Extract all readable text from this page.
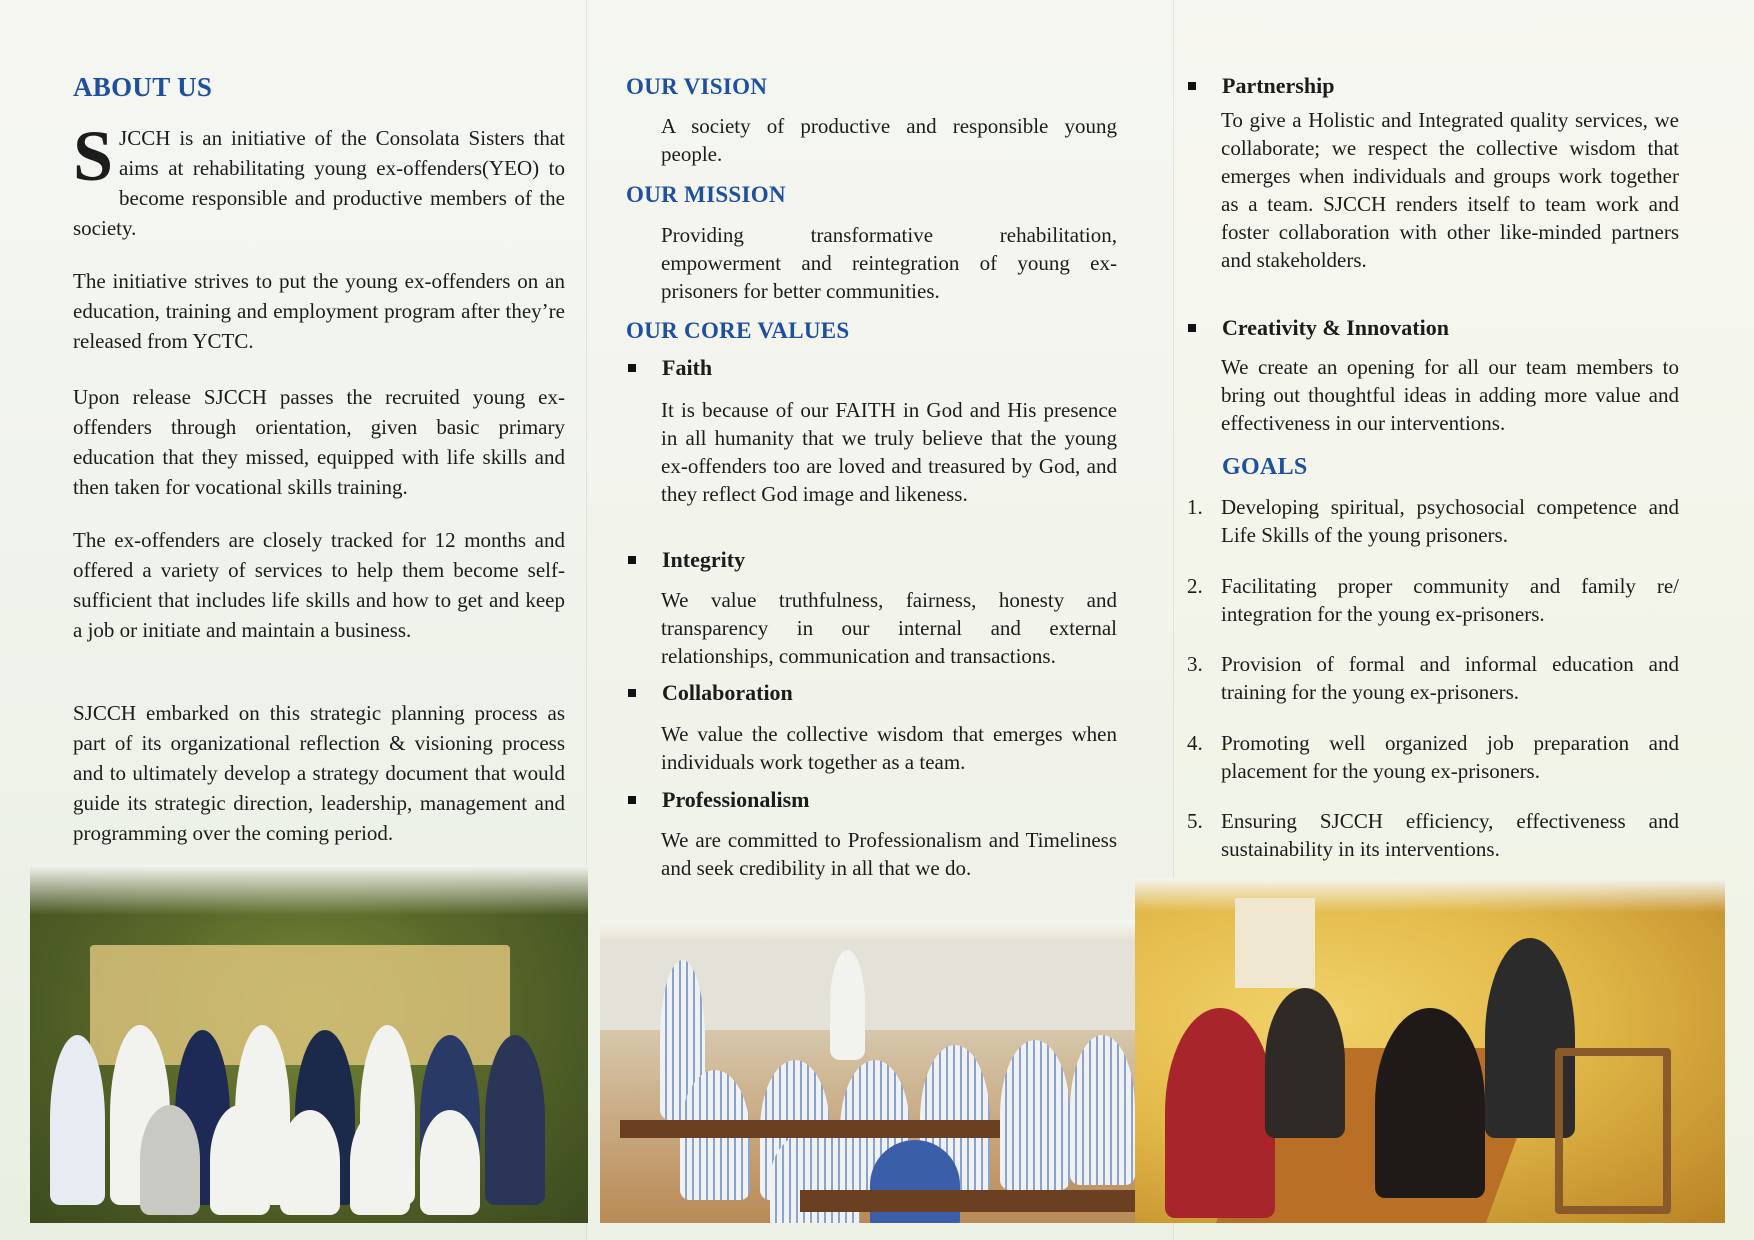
ABOUT US

SJCCH is an initiative of the Consolata Sisters that aims at rehabilitating young ex-offenders(YEO) to become responsible and productive members of the society.

The initiative strives to put the young ex-offenders on an education, training and employment program after they’re released from YCTC.

Upon release SJCCH passes the recruited young ex-offenders through orientation, given basic primary education that they missed, equipped with life skills and then taken for vocational skills training.

The ex-offenders are closely tracked for 12 months and offered a variety of services to help them become self-sufficient that includes life skills and how to get and keep a job or initiate and maintain a business.

SJCCH embarked on this strategic planning process as part of its organizational reflection & visioning process and to ultimately develop a strategy document that would guide its strategic direction, leadership, management and programming over the coming period.

OUR VISION

A society of productive and responsible young people.

OUR MISSION

Providing transformative rehabilitation, empowerment and reintegration of young ex-prisoners for better communities.

OUR CORE VALUES
Faith

It is because of our FAITH in God and His presence in all humanity that we truly believe that the young ex-offenders too are loved and treasured by God, and they reflect God image and likeness.

Integrity

We value truthfulness, fairness, honesty and transparency in our internal and external relationships, communication and transactions.

Collaboration

We value the collective wisdom that emerges when individuals work together as a team.

Professionalism

We are committed to Professionalism and Timeliness and seek credibility in all that we do.

Partnership

To give a Holistic and Integrated quality services, we collaborate; we respect the collective wisdom that emerges when individuals and groups work together as a team. SJCCH renders itself to team work and foster collaboration with other like-minded partners and stakeholders.

Creativity & Innovation

We create an opening for all our team members to bring out thoughtful ideas in adding more value and effectiveness in our interventions.

GOALS
1. Developing spiritual, psychosocial competence and Life Skills of the young prisoners.
2. Facilitating proper community and family re/ integration for the young ex-prisoners.
3. Provision of formal and informal education and training for the young ex-prisoners.
4. Promoting well organized job preparation and placement for the young ex-prisoners.
5. Ensuring SJCCH efficiency, effectiveness and sustainability in its interventions.
